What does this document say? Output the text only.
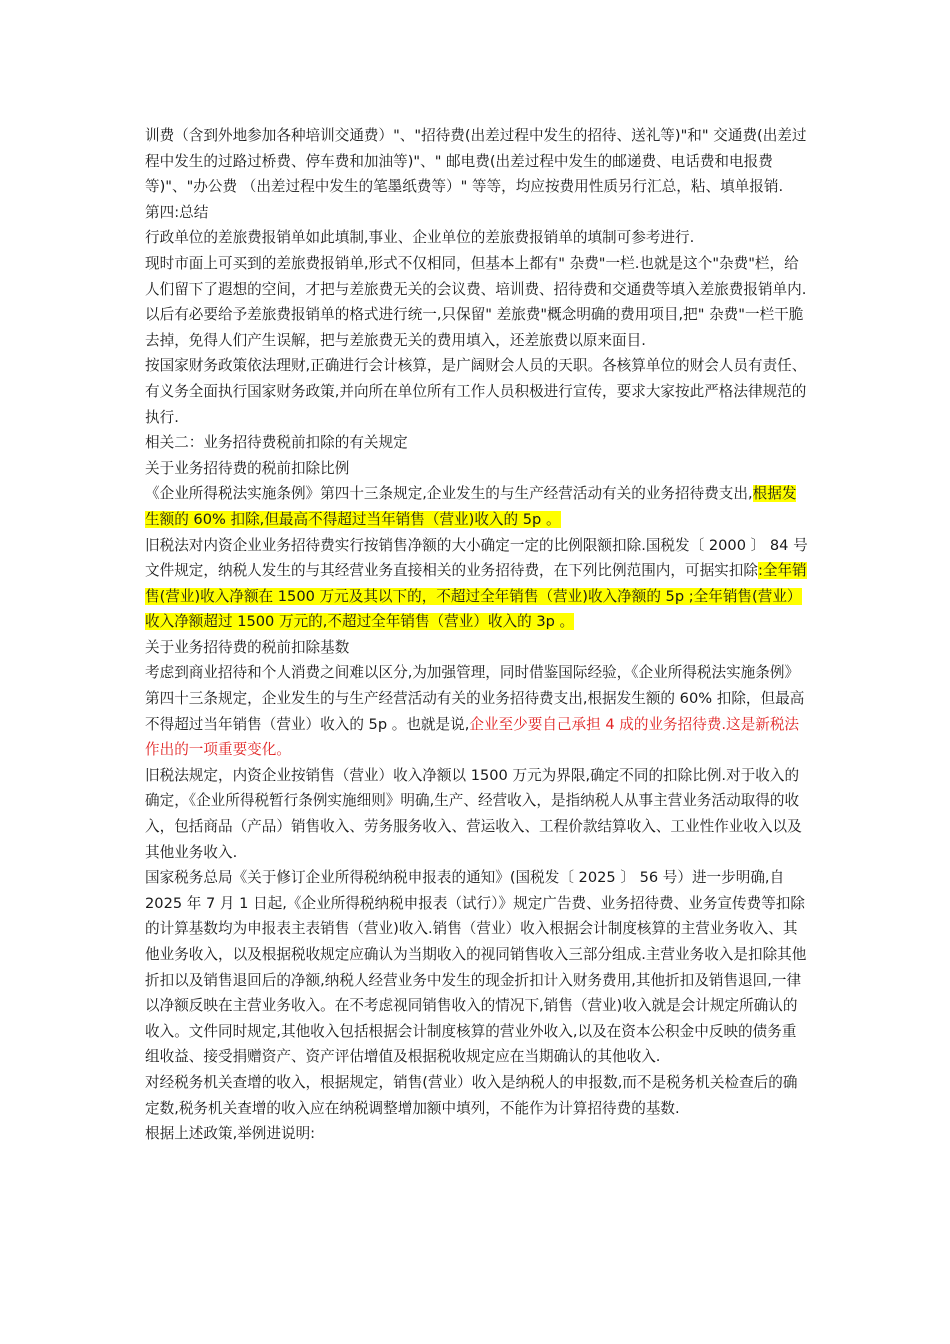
训费（含到外地参加各种培训交通费）"、"招待费(出差过程中发生的招待、送礼等)"和" 交通费(出差过程中发生的过路过桥费、停车费和加油等)"、" 邮电费(出差过程中发生的邮递费、电话费和电报费等)"、"办公费 （出差过程中发生的笔墨纸费等）" 等等，均应按费用性质另行汇总，粘、填单报销.

第四:总结

行政单位的差旅费报销单如此填制,事业、企业单位的差旅费报销单的填制可参考进行.

现时市面上可买到的差旅费报销单,形式不仅相同，但基本上都有" 杂费"一栏.也就是这个"杂费"栏，给人们留下了遐想的空间，才把与差旅费无关的会议费、培训费、招待费和交通费等填入差旅费报销单内.以后有必要给予差旅费报销单的格式进行统一,只保留" 差旅费"概念明确的费用项目,把" 杂费"一栏干脆去掉，免得人们产生误解，把与差旅费无关的费用填入，还差旅费以原来面目.

按国家财务政策依法理财,正确进行会计核算，是广阔财会人员的天职。各核算单位的财会人员有责任、有义务全面执行国家财务政策,并向所在单位所有工作人员积极进行宣传，要求大家按此严格法律规范的执行.

相关二：业务招待费税前扣除的有关规定

关于业务招待费的税前扣除比例

《企业所得税法实施条例》第四十三条规定,企业发生的与生产经营活动有关的业务招待费支出,根据发生额的 60% 扣除,但最高不得超过当年销售（营业)收入的 5p 。

旧税法对内资企业业务招待费实行按销售净额的大小确定一定的比例限额扣除.国税发〔 2000 〕 84 号文件规定，纳税人发生的与其经营业务直接相关的业务招待费，在下列比例范围内，可据实扣除:全年销售(营业)收入净额在 1500 万元及其以下的，不超过全年销售（营业)收入净额的 5p ;全年销售(营业）收入净额超过 1500 万元的,不超过全年销售（营业）收入的 3p 。

关于业务招待费的税前扣除基数

考虑到商业招待和个人消费之间难以区分,为加强管理，同时借鉴国际经验，《企业所得税法实施条例》第四十三条规定，企业发生的与生产经营活动有关的业务招待费支出,根据发生额的 60% 扣除，但最高不得超过当年销售（营业）收入的 5p 。也就是说,企业至少要自己承担 4 成的业务招待费.这是新税法作出的一项重要变化。

旧税法规定，内资企业按销售（营业）收入净额以 1500 万元为界限,确定不同的扣除比例.对于收入的确定，《企业所得税暂行条例实施细则》明确,生产、经营收入，是指纳税人从事主营业务活动取得的收入，包括商品（产品）销售收入、劳务服务收入、营运收入、工程价款结算收入、工业性作业收入以及其他业务收入.

国家税务总局《关于修订企业所得税纳税申报表的通知》(国税发〔 2025 〕 56 号）进一步明确,自 2025 年 7 月 1 日起,《企业所得税纳税申报表（试行）》规定广告费、业务招待费、业务宣传费等扣除的计算基数均为申报表主表销售（营业)收入.销售（营业）收入根据会计制度核算的主营业务收入、其他业务收入，以及根据税收规定应确认为当期收入的视同销售收入三部分组成.主营业务收入是扣除其他折扣以及销售退回后的净额,纳税人经营业务中发生的现金折扣计入财务费用,其他折扣及销售退回,一律以净额反映在主营业务收入。在不考虑视同销售收入的情况下,销售（营业)收入就是会计规定所确认的收入。文件同时规定,其他收入包括根据会计制度核算的营业外收入,以及在资本公积金中反映的债务重组收益、接受捐赠资产、资产评估增值及根据税收规定应在当期确认的其他收入.

对经税务机关查增的收入，根据规定，销售(营业）收入是纳税人的申报数,而不是税务机关检查后的确定数,税务机关查增的收入应在纳税调整增加额中填列，不能作为计算招待费的基数.

根据上述政策,举例进说明:
